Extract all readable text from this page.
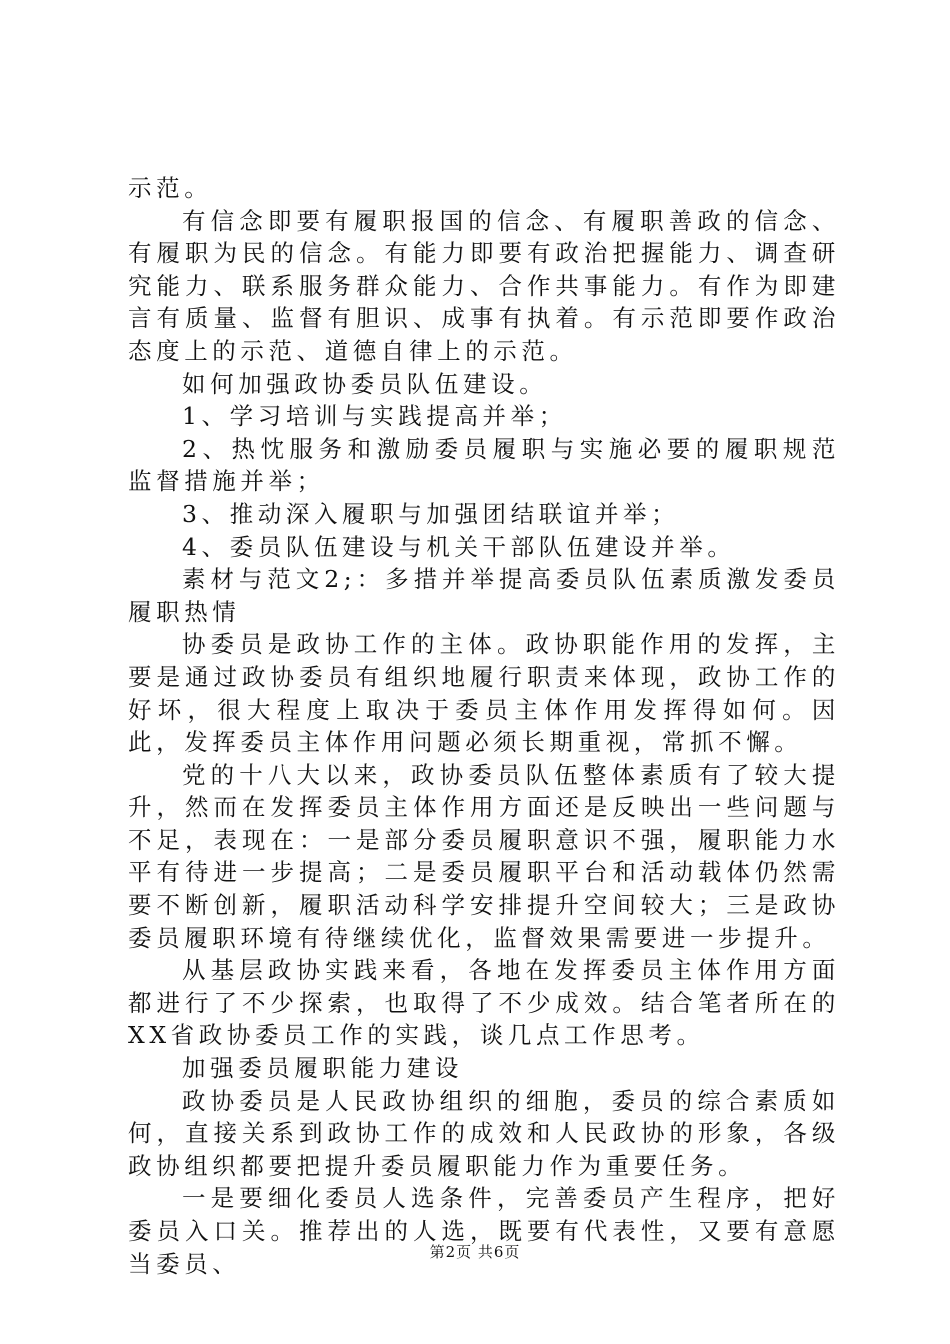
示范。

有信念即要有履职报国的信念、有履职善政的信念、有履职为民的信念。有能力即要有政治把握能力、调查研究能力、联系服务群众能力、合作共事能力。有作为即建言有质量、监督有胆识、成事有执着。有示范即要作政治态度上的示范、道德自律上的示范。

如何加强政协委员队伍建设。

1、学习培训与实践提高并举；

2、热忱服务和激励委员履职与实施必要的履职规范监督措施并举；

3、推动深入履职与加强团结联谊并举；

4、委员队伍建设与机关干部队伍建设并举。

素材与范文2;：多措并举提高委员队伍素质激发委员履职热情

协委员是政协工作的主体。政协职能作用的发挥，主要是通过政协委员有组织地履行职责来体现，政协工作的好坏，很大程度上取决于委员主体作用发挥得如何。因此，发挥委员主体作用问题必须长期重视，常抓不懈。

党的十八大以来，政协委员队伍整体素质有了较大提升，然而在发挥委员主体作用方面还是反映出一些问题与不足，表现在：一是部分委员履职意识不强，履职能力水平有待进一步提高；二是委员履职平台和活动载体仍然需要不断创新，履职活动科学安排提升空间较大；三是政协委员履职环境有待继续优化，监督效果需要进一步提升。

从基层政协实践来看，各地在发挥委员主体作用方面都进行了不少探索，也取得了不少成效。结合笔者所在的XX省政协委员工作的实践，谈几点工作思考。

加强委员履职能力建设

政协委员是人民政协组织的细胞，委员的综合素质如何，直接关系到政协工作的成效和人民政协的形象，各级政协组织都要把提升委员履职能力作为重要任务。

一是要细化委员人选条件，完善委员产生程序，把好委员入口关。推荐出的人选，既要有代表性，又要有意愿当委员、	第2页 共6页
